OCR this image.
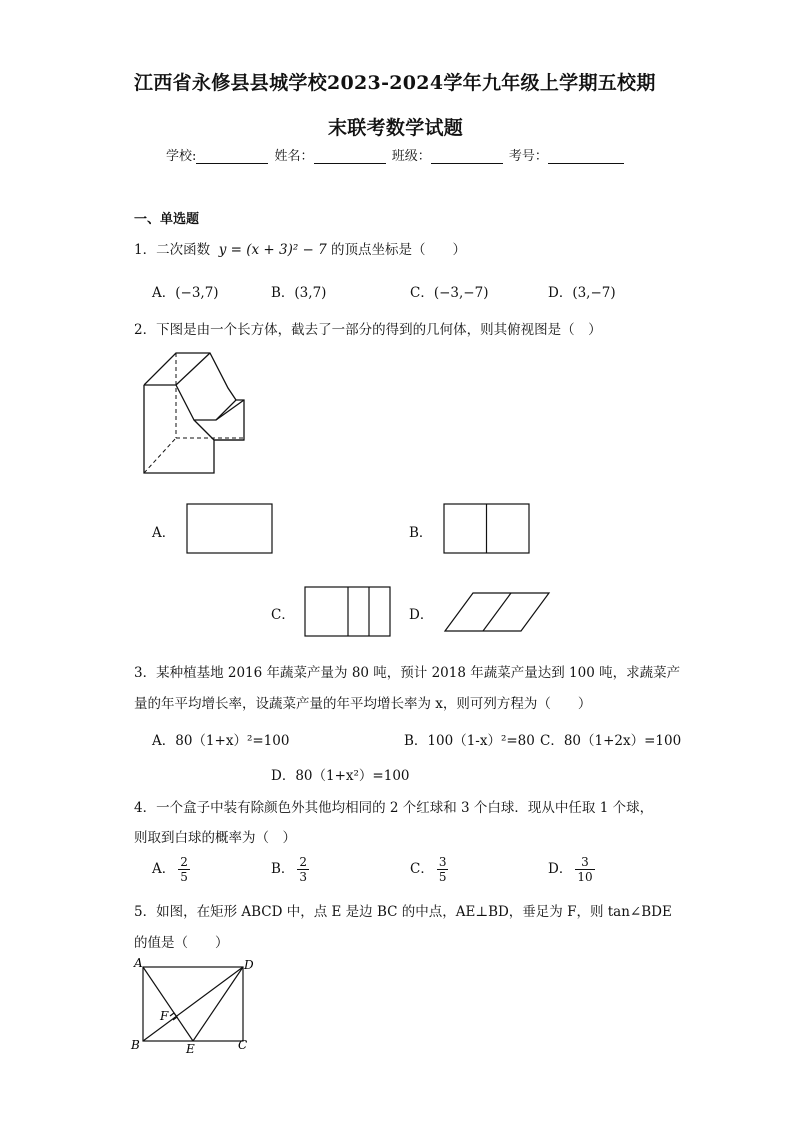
江西省永修县县城学校2023-2024学年九年级上学期五校期
末联考数学试题
学校:	姓名：	班级：	考号：
一、单选题
1．二次函数 y = (x + 3)² − 7 的顶点坐标是（　　）
A．(−3,7)	B．(3,7)	C．(−3,−7)	D．(3,−7)
2．下图是由一个长方体，截去了一部分的得到的几何体，则其俯视图是（　）
A．	B．
C．	D．
3．某种植基地 2016 年蔬菜产量为 80 吨，预计 2018 年蔬菜产量达到 100 吨，求蔬菜产
量的年平均增长率，设蔬菜产量的年平均增长率为 x，则可列方程为（　　）
A．80（1+x）²=100	B．100（1-x）²=80 C．80（1+2x）=100
D．80（1+x²）=100
4．一个盒子中装有除颜色外其他均相同的 2 个红球和 3 个白球．现从中任取 1 个球，
则取到白球的概率为（　）
A． $\frac{2}{5}$	B． $\frac{2}{3}$	C． $\frac{3}{5}$	D． $\frac{3}{10}$
5．如图，在矩形 ABCD 中，点 E 是边 BC 的中点，AE⊥BD，垂足为 F，则 tan∠BDE
的值是（　　）
A	D
B	E	C
F
